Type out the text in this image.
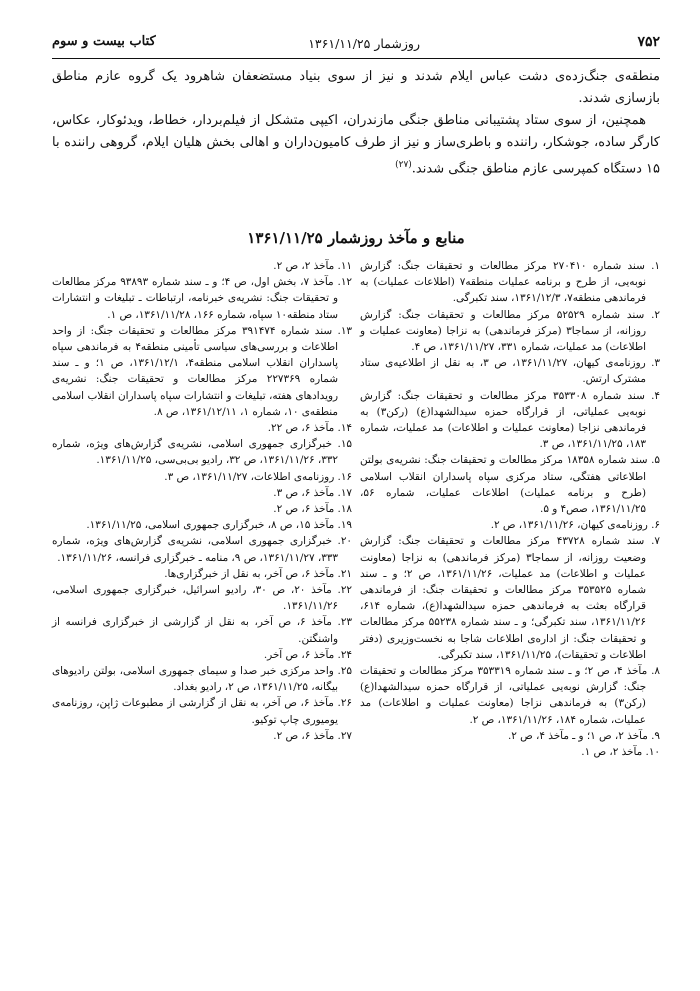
۷۵۲
روزشمار ۱۳۶۱/۱۱/۲۵
کتاب بیست و سوم

منطقه‌ی جنگ‌زده‌ی دشت عباس ایلام شدند و نیز از سوی بنیاد مستضعفان شاهرود یک گروه عازم مناطق بازسازی شدند.

همچنین، از سوی ستاد پشتیبانی مناطق جنگی مازندران، اکیپی متشکل از فیلم‌بردار، خطاط، ویدئوکار، عکاس، کارگر ساده، جوشکار، راننده و باطری‌ساز و نیز از طرف کامیون‌داران و اهالی بخش هلیان ایلام، گروهی راننده با ۱۵ دستگاه کمپرسی عازم مناطق جنگی شدند.$^{(۲۷)}$

منابع و مآخذ روزشمار ۱۳۶۱/۱۱/۲۵

۱. سند شماره ۲۷۰۴۱۰ مرکز مطالعات و تحقیقات جنگ: گزارش نوبه‌یی، از طرح و برنامه عملیات منطقه۷ (اطلاعات عملیات) به فرماندهی منطقه۷، ۱۳۶۱/۱۲/۳، سند تکبرگی.

۲. سند شماره ۵۲۵۲۹ مرکز مطالعات و تحقیقات جنگ: گزارش روزانه، از سماجا۳ (مرکز فرماندهی) به نزاجا (معاونت عملیات و اطلاعات) مد عملیات، شماره ۳۳۱، ۱۳۶۱/۱۱/۲۷، ص ۴.

۳. روزنامه‌ی کیهان، ۱۳۶۱/۱۱/۲۷، ص ۳، به نقل از اطلاعیه‌ی ستاد مشترک ارتش.

۴. سند شماره ۳۵۳۳۰۸ مرکز مطالعات و تحقیقات جنگ: گزارش نوبه‌یی عملیاتی، از قرارگاه حمزه سیدالشهدا(ع) (رکن۳) به فرماندهی نزاجا (معاونت عملیات و اطلاعات) مد عملیات، شماره ۱۸۳، ۱۳۶۱/۱۱/۲۵، ص ۳.

۵. سند شماره ۱۸۳۵۸ مرکز مطالعات و تحقیقات جنگ: نشریه‌ی بولتن اطلاعاتی هفتگی، ستاد مرکزی سپاه پاسداران انقلاب اسلامی (طرح و برنامه عملیات) اطلاعات عملیات، شماره ۵۶، ۱۳۶۱/۱۱/۲۵، صص۴ و ۵.

۶. روزنامه‌ی کیهان، ۱۳۶۱/۱۱/۲۶، ص ۲.

۷. سند شماره ۴۳۷۲۸ مرکز مطالعات و تحقیقات جنگ: گزارش وضعیت روزانه، از سماجا۳ (مرکز فرماندهی) به نزاجا (معاونت عملیات و اطلاعات) مد عملیات، ۱۳۶۱/۱۱/۲۶، ص ۲؛ و ـ سند شماره ۳۵۳۵۲۵ مرکز مطالعات و تحقیقات جنگ: از فرماندهی قرارگاه بعثت به فرماندهی حمزه سیدالشهدا(ع)، شماره ۶۱۴، ۱۳۶۱/۱۱/۲۶، سند تکبرگی؛ و ـ سند شماره ۵۵۲۳۸ مرکز مطالعات و تحقیقات جنگ: از اداره‌ی اطلاعات شاجا به نخست‌وزیری (دفتر اطلاعات و تحقیقات)، ۱۳۶۱/۱۱/۲۵، سند تکبرگی.

۸. مآخذ ۴، ص ۲؛ و ـ سند شماره ۳۵۳۳۱۹ مرکز مطالعات و تحقیقات جنگ: گزارش نوبه‌یی عملیاتی، از قرارگاه حمزه سیدالشهدا(ع) (رکن۳) به فرماندهی نزاجا (معاونت عملیات و اطلاعات) مد عملیات، شماره ۱۸۴، ۱۳۶۱/۱۱/۲۶، ص ۲.

۹. مآخذ ۲، ص ۱؛ و ـ مآخذ ۴، ص ۲.

۱۰. مآخذ ۲، ص ۱.

۱۱. مآخذ ۲، ص ۲.

۱۲. مآخذ ۷، بخش اول، ص ۴؛ و ـ سند شماره ۹۳۸۹۳ مرکز مطالعات و تحقیقات جنگ: نشریه‌ی خبرنامه، ارتباطات ـ تبلیغات و انتشارات ستاد منطقه۱۰ سپاه، شماره ۱۶۶، ۱۳۶۱/۱۱/۲۸، ص ۱.

۱۳. سند شماره ۳۹۱۴۷۴ مرکز مطالعات و تحقیقات جنگ: از واحد اطلاعات و بررسی‌های سیاسی تأمینی منطقه۴ به فرماندهی سپاه پاسداران انقلاب اسلامی منطقه۴، ۱۳۶۱/۱۲/۱، ص ۱؛ و ـ سند شماره ۲۲۷۳۶۹ مرکز مطالعات و تحقیقات جنگ: نشریه‌ی رویدادهای هفته، تبلیغات و انتشارات سپاه پاسداران انقلاب اسلامی منطقه‌ی ۱۰، شماره ۱، ۱۳۶۱/۱۲/۱۱، ص ۸.

۱۴. مآخذ ۶، ص ۲۲.

۱۵. خبرگزاری جمهوری اسلامی، نشریه‌ی گزارش‌های ویژه، شماره ۳۳۲، ۱۳۶۱/۱۱/۲۶، ص ۳۲، رادیو بی‌بی‌سی، ۱۳۶۱/۱۱/۲۵.

۱۶. روزنامه‌ی اطلاعات، ۱۳۶۱/۱۱/۲۷، ص ۳.

۱۷. مآخذ ۶، ص ۳.

۱۸. مآخذ ۶، ص ۲.

۱۹. مآخذ ۱۵، ص ۸، خبرگزاری جمهوری اسلامی، ۱۳۶۱/۱۱/۲۵.

۲۰. خبرگزاری جمهوری اسلامی، نشریه‌ی گزارش‌های ویژه، شماره ۳۳۳، ۱۳۶۱/۱۱/۲۷، ص ۹، منامه ـ خبرگزاری فرانسه، ۱۳۶۱/۱۱/۲۶.

۲۱. مآخذ ۶، ص آخر، به نقل از خبرگزاری‌ها.

۲۲. مآخذ ۲۰، ص ۳۰، رادیو اسرائیل، خبرگزاری جمهوری اسلامی، ۱۳۶۱/۱۱/۲۶.

۲۳. مآخذ ۶، ص آخر، به نقل از گزارشی از خبرگزاری فرانسه از واشنگتن.

۲۴. مآخذ ۶، ص آخر.

۲۵. واحد مرکزی خبر صدا و سیمای جمهوری اسلامی، بولتن رادیوهای بیگانه، ۱۳۶۱/۱۱/۲۵، ص ۲، رادیو بغداد.

۲۶. مآخذ ۶، ص آخر، به نقل از گزارشی از مطبوعات ژاپن، روزنامه‌ی یومیوری چاپ توکیو.

۲۷. مآخذ ۶، ص ۲.
